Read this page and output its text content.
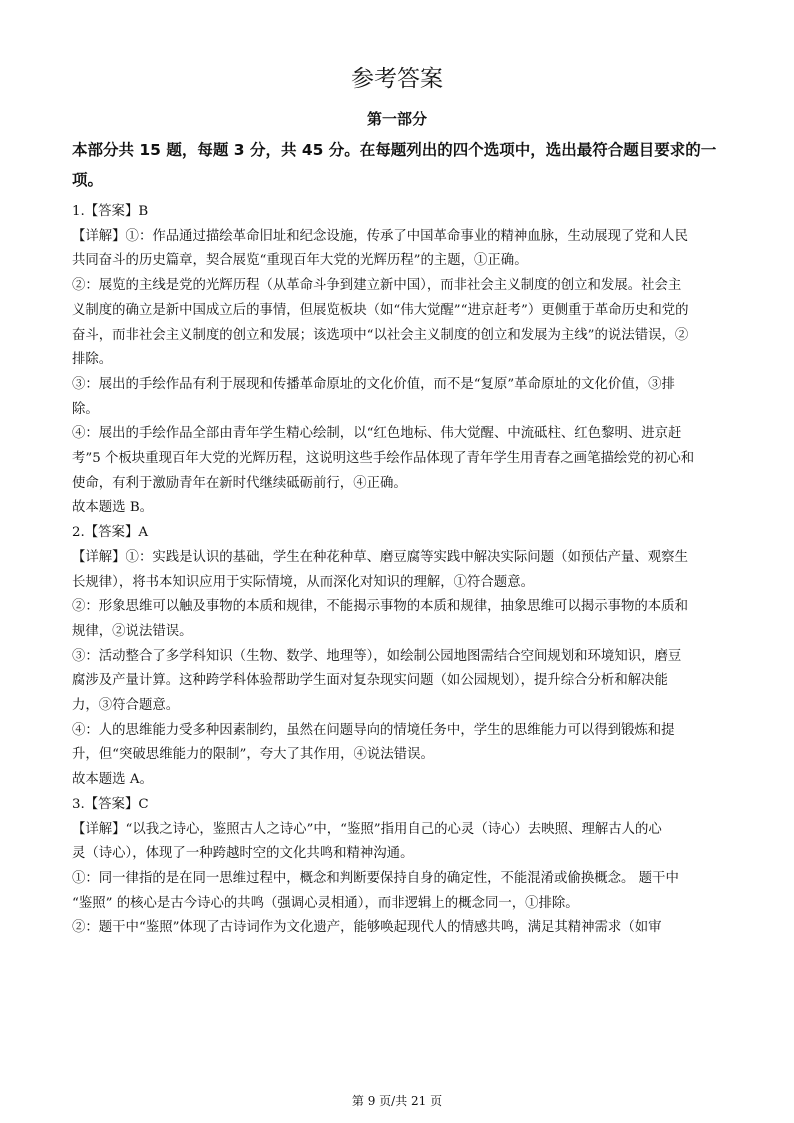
参考答案
第一部分
本部分共 15 题，每题 3 分，共 45 分。在每题列出的四个选项中，选出最符合题目要求的一项。
1.【答案】B
【详解】①：作品通过描绘革命旧址和纪念设施，传承了中国革命事业的精神血脉，生动展现了党和人民
共同奋斗的历史篇章，契合展览“重现百年大党的光辉历程”的主题，①正确。
②：展览的主线是党的光辉历程（从革命斗争到建立新中国），而非社会主义制度的创立和发展。社会主
义制度的确立是新中国成立后的事情，但展览板块（如“伟大觉醒”“进京赶考”）更侧重于革命历史和党的
奋斗，而非社会主义制度的创立和发展；该选项中“以社会主义制度的创立和发展为主线”的说法错误，②
排除。
③：展出的手绘作品有利于展现和传播革命原址的文化价值，而不是“复原”革命原址的文化价值，③排
除。
④：展出的手绘作品全部由青年学生精心绘制，以“红色地标、伟大觉醒、中流砥柱、红色黎明、进京赶
考”5 个板块重现百年大党的光辉历程，这说明这些手绘作品体现了青年学生用青春之画笔描绘党的初心和
使命，有利于激励青年在新时代继续砥砺前行，④正确。
故本题选 B。
2.【答案】A
【详解】①：实践是认识的基础，学生在种花种草、磨豆腐等实践中解决实际问题（如预估产量、观察生
长规律），将书本知识应用于实际情境，从而深化对知识的理解，①符合题意。
②：形象思维可以触及事物的本质和规律，不能揭示事物的本质和规律，抽象思维可以揭示事物的本质和
规律，②说法错误。
③：活动整合了多学科知识（生物、数学、地理等），如绘制公园地图需结合空间规划和环境知识，磨豆
腐涉及产量计算。这种跨学科体验帮助学生面对复杂现实问题（如公园规划），提升综合分析和解决能
力，③符合题意。
④：人的思维能力受多种因素制约，虽然在问题导向的情境任务中，学生的思维能力可以得到锻炼和提
升，但“突破思维能力的限制”，夸大了其作用，④说法错误。
故本题选 A。
3.【答案】C
【详解】“以我之诗心，鉴照古人之诗心”中，“鉴照”指用自己的心灵（诗心）去映照、理解古人的心
灵（诗心），体现了一种跨越时空的文化共鸣和精神沟通。
①：同一律指的是在同一思维过程中，概念和判断要保持自身的确定性，不能混淆或偷换概念。 题干中
“鉴照” 的核心是古今诗心的共鸣（强调心灵相通），而非逻辑上的概念同一，①排除。
②：题干中“鉴照”体现了古诗词作为文化遗产，能够唤起现代人的情感共鸣，满足其精神需求（如审
第 9 页/共 21 页
